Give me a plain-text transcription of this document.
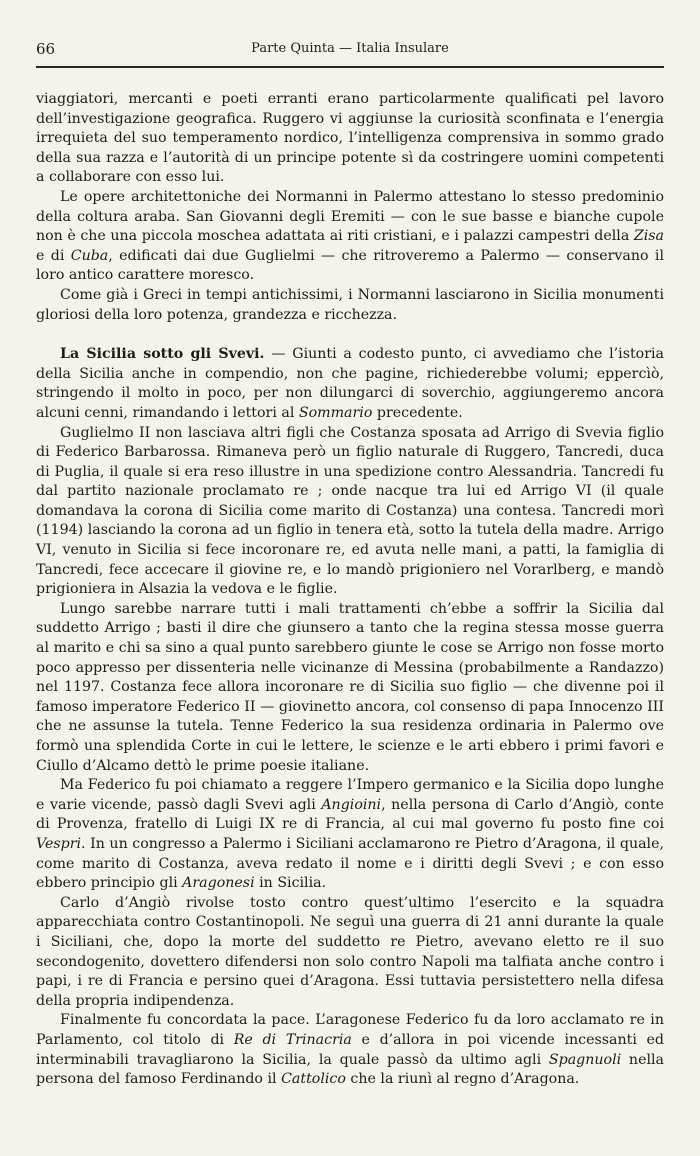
66	Parte Quinta — Italia Insulare

viaggiatori, mercanti e poeti erranti erano particolarmente qualificati pel lavoro dell’investigazione geografica. Ruggero vi aggiunse la curiosità sconfinata e l’energia irrequieta del suo temperamento nordico, l’intelligenza comprensiva in sommo grado della sua razza e l’autorità di un principe potente sì da costringere uomini competenti a collaborare con esso lui.

Le opere architettoniche dei Normanni in Palermo attestano lo stesso predominio della coltura araba. San Giovanni degli Eremiti — con le sue basse e bianche cupole non è che una piccola moschea adattata ai riti cristiani, e i palazzi campestri della Zisa e di Cuba, edificati dai due Guglielmi — che ritroveremo a Palermo — conservano il loro antico carattere moresco.

Come già i Greci in tempi antichissimi, i Normanni lasciarono in Sicilia monumenti gloriosi della loro potenza, grandezza e ricchezza.

La Sicilia sotto gli Svevi. — Giunti a codesto punto, ci avvediamo che l’istoria della Sicilia anche in compendio, non che pagine, richiederebbe volumi; eppercìò, stringendo il molto in poco, per non dilungarci di soverchio, aggiungeremo ancora alcuni cenni, rimandando i lettori al Sommario precedente.

Guglielmo II non lasciava altri figli che Costanza sposata ad Arrigo di Svevia figlio di Federico Barbarossa. Rimaneva però un figlio naturale di Ruggero, Tancredi, duca di Puglia, il quale si era reso illustre in una spedizione contro Alessandria. Tancredi fu dal partito nazionale proclamato re ; onde nacque tra lui ed Arrigo VI (il quale domandava la corona di Sicilia come marito di Costanza) una contesa. Tancredi morì (1194) lasciando la corona ad un figlio in tenera età, sotto la tutela della madre. Arrigo VI, venuto in Sicilia si fece incoronare re, ed avuta nelle mani, a patti, la famiglia di Tancredi, fece accecare il giovine re, e lo mandò prigioniero nel Vorarlberg, e mandò prigioniera in Alsazia la vedova e le figlie.

Lungo sarebbe narrare tutti i mali trattamenti ch’ebbe a soffrir la Sicilia dal suddetto Arrigo ; basti il dire che giunsero a tanto che la regina stessa mosse guerra al marito e chi sa sino a qual punto sarebbero giunte le cose se Arrigo non fosse morto poco appresso per dissenteria nelle vicinanze di Messina (probabilmente a Randazzo) nel 1197. Costanza fece allora incoronare re di Sicilia suo figlio — che divenne poi il famoso imperatore Federico II — giovinetto ancora, col consenso di papa Innocenzo III che ne assunse la tutela. Tenne Federico la sua residenza ordinaria in Palermo ove formò una splendida Corte in cui le lettere, le scienze e le arti ebbero i primi favori e Ciullo d’Alcamo dettò le prime poesie italiane.

Ma Federico fu poi chiamato a reggere l’Impero germanico e la Sicilia dopo lunghe e varie vicende, passò dagli Svevi agli Angioini, nella persona di Carlo d’Angiò, conte di Provenza, fratello di Luigi IX re di Francia, al cui mal governo fu posto fine coi Vespri. In un congresso a Palermo i Siciliani acclamarono re Pietro d’Aragona, il quale, come marito di Costanza, aveva redato il nome e i diritti degli Svevi ; e con esso ebbero principio gli Aragonesi in Sicilia.

Carlo d’Angiò rivolse tosto contro quest’ultimo l’esercito e la squadra apparecchiata contro Costantinopoli. Ne seguì una guerra di 21 anni durante la quale i Siciliani, che, dopo la morte del suddetto re Pietro, avevano eletto re il suo secondogenito, dovettero difendersi non solo contro Napoli ma talfiata anche contro i papi, i re di Francia e persino quei d’Aragona. Essi tuttavia persistettero nella difesa della propria indipendenza.

Finalmente fu concordata la pace. L’aragonese Federico fu da loro acclamato re in Parlamento, col titolo di Re di Trinacria e d’allora in poi vicende incessanti ed interminabili travagliarono la Sicilia, la quale passò da ultimo agli Spagnuoli nella persona del famoso Ferdinando il Cattolico che la riunì al regno d’Aragona.
